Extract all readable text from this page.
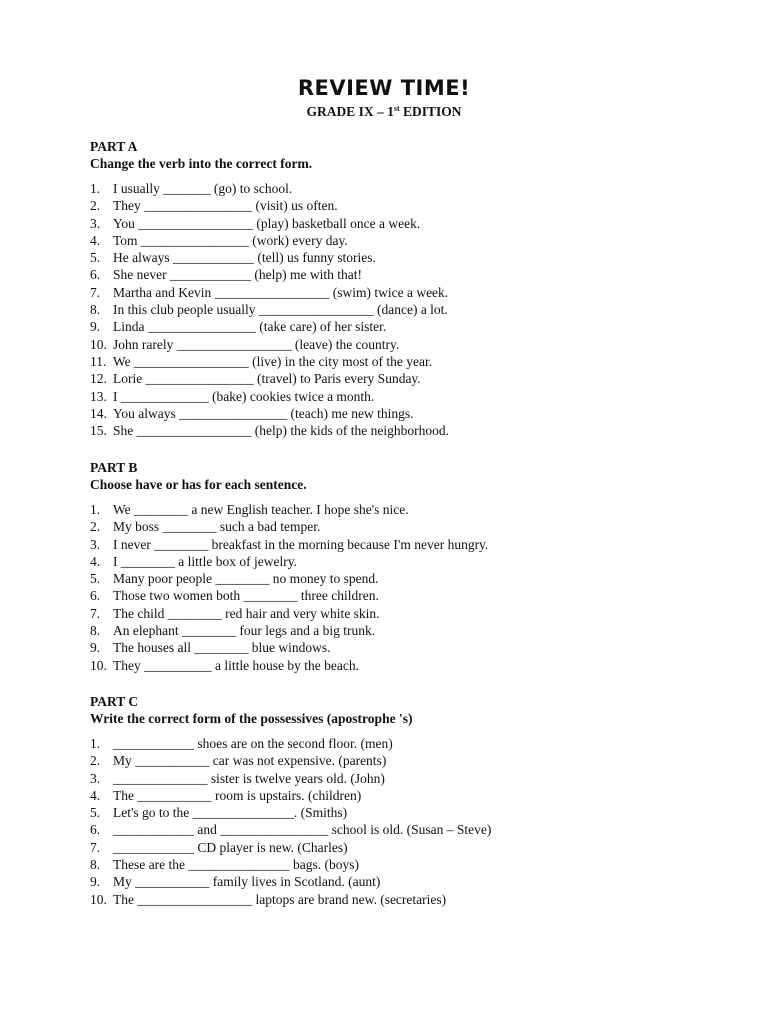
REVIEW TIME!
GRADE IX – 1st EDITION
PART A
Change the verb into the correct form.
1. I usually _______ (go) to school.
2. They ________________ (visit) us often.
3. You _________________ (play) basketball once a week.
4. Tom ________________ (work) every day.
5. He always ____________ (tell) us funny stories.
6. She never ____________ (help) me with that!
7. Martha and Kevin _________________ (swim) twice a week.
8. In this club people usually _________________ (dance) a lot.
9. Linda ________________ (take care) of her sister.
10. John rarely _________________ (leave) the country.
11. We _________________ (live) in the city most of the year.
12. Lorie ________________ (travel) to Paris every Sunday.
13. I _____________ (bake) cookies twice a month.
14. You always ________________ (teach) me new things.
15. She _________________ (help) the kids of the neighborhood.
PART B
Choose have or has for each sentence.
1. We ________ a new English teacher. I hope she's nice.
2. My boss ________ such a bad temper.
3. I never ________ breakfast in the morning because I'm never hungry.
4. I ________ a little box of jewelry.
5. Many poor people ________ no money to spend.
6. Those two women both ________ three children.
7. The child ________ red hair and very white skin.
8. An elephant ________ four legs and a big trunk.
9. The houses all ________ blue windows.
10. They __________ a little house by the beach.
PART C
Write the correct form of the possessives (apostrophe 's)
1. ____________ shoes are on the second floor. (men)
2. My ___________ car was not expensive. (parents)
3. ______________ sister is twelve years old. (John)
4. The ___________ room is upstairs. (children)
5. Let's go to the _______________. (Smiths)
6. ____________ and ________________ school is old. (Susan – Steve)
7. ____________ CD player is new. (Charles)
8. These are the _______________ bags. (boys)
9. My ___________ family lives in Scotland. (aunt)
10. The _________________ laptops are brand new. (secretaries)
